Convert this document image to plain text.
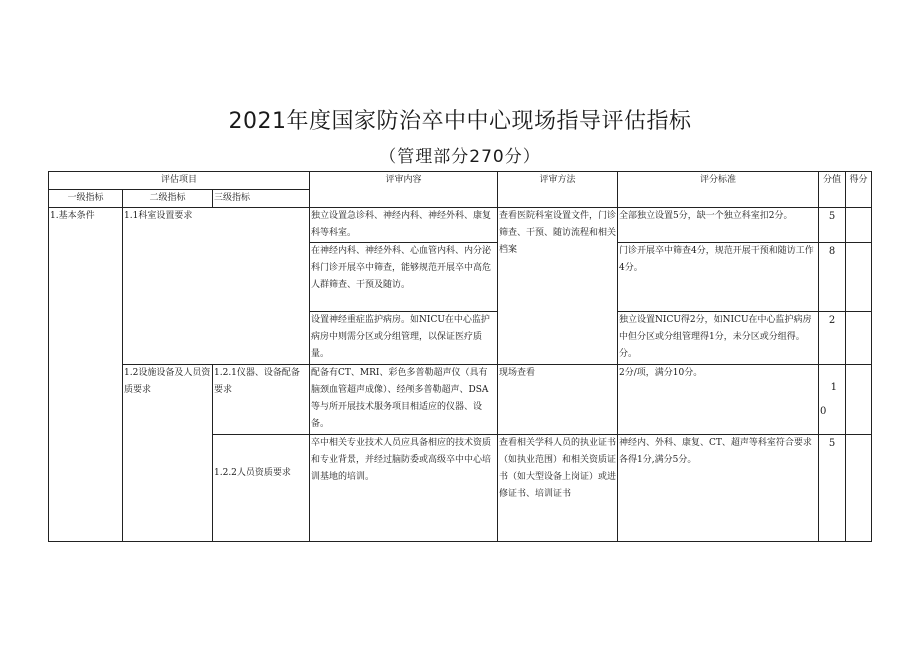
2021年度国家防治卒中中心现场指导评估指标
（管理部分270分）
评估项目			评审内容	评审方法	评分标准	分值	得分
一级指标	二级指标	三级指标					
1.基本条件	1.1科室设置要求		独立设置急诊科、神经内科、神经外科、康复科等科室。	查看医院科室设置文件，门诊筛查、干预、随访流程和相关档案	全部独立设置5分，缺一个独立科室扣2分。	5	
			在神经内科、神经外科、心血管内科、内分泌科门诊开展卒中筛查，能够规范开展卒中高危人群筛查、干预及随访。		门诊开展卒中筛查4分，规范开展干预和随访工作4分。	8	
			设置神经重症监护病房。如NICU在中心监护病房中则需分区或分组管理，以保证医疗质量。		独立设置NICU得2分，如NICU在中心监护病房中但分区或分组管理得1分，未分区或分组得。分。	2	
	1.2设施设备及人员资质要求	1.2.1仪器、设备配备要求	配备有CT、MRI、彩色多普勒超声仪（具有脑颈血管超声成像）、经颅多普勒超声、DSA等与所开展技术服务项目相适应的仪器、设备。	现场查看	2分/项，满分10分。	1
0	

		1.2.2人员资质要求	卒中相关专业技术人员应具备相应的技术资质和专业背景，并经过脑防委或高级卒中中心培训基地的培训。	查看相关学科人员的执业证书（如执业范围）和相关资质证书（如大型设备上岗证）或进修证书、培训证书	神经内、外科、康复、CT、超声等科室符合要求各得1分,满分5分。	5	
